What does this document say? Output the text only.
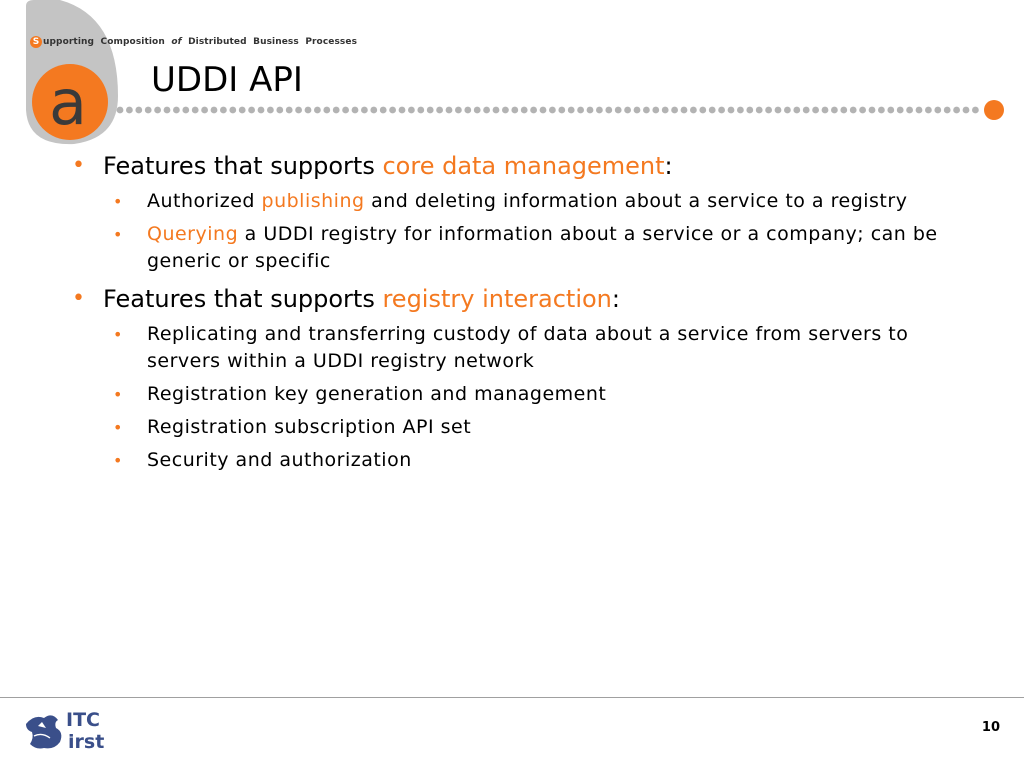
a
S upporting Composition of Distributed Business Processes
UDDI API
• Features that supports core data management:
• Authorized publishing and deleting information about a service to a registry
• Querying a UDDI registry for information about a service or a company; can be generic or specific
• Features that supports registry interaction:
• Replicating and transferring custody of data about a service from servers to servers within a UDDI registry network
• Registration key generation and management
• Registration subscription API set
• Security and authorization
ITC
irst
10
